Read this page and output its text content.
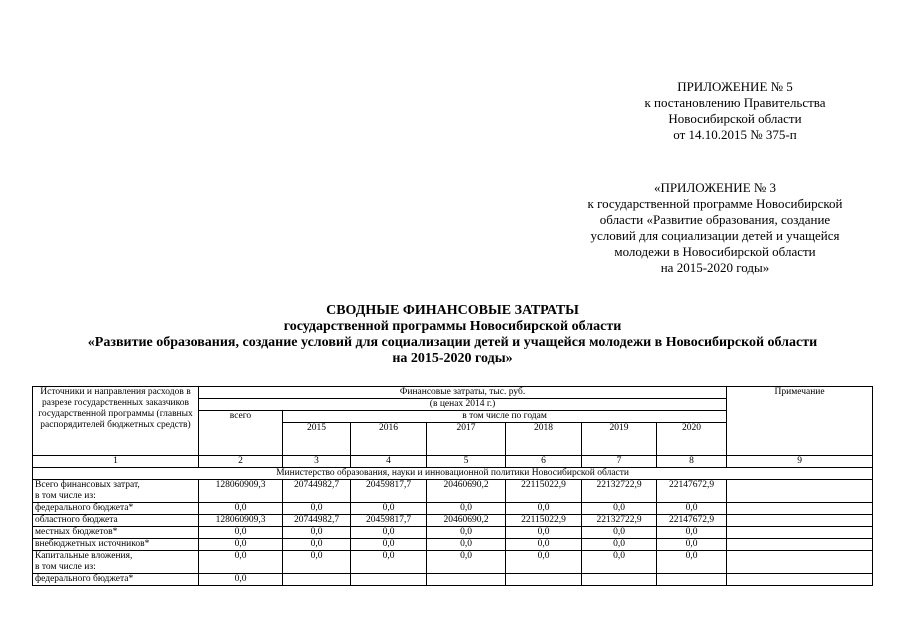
ПРИЛОЖЕНИЕ № 5
к постановлению Правительства
Новосибирской области
от 14.10.2015 № 375-п
«ПРИЛОЖЕНИЕ № 3
к государственной программе Новосибирской
области «Развитие образования, создание
условий для социализации детей и учащейся
молодежи в Новосибирской области
на 2015-2020 годы»
СВОДНЫЕ ФИНАНСОВЫЕ ЗАТРАТЫ
государственной программы Новосибирской области
«Развитие образования, создание условий для социализации детей и учащейся молодежи в Новосибирской области
на 2015-2020 годы»
Источники и направления расходов в разрезе государственных заказчиков государственной программы (главных распорядителей бюджетных средств)	Финансовые затраты, тыс. руб.							Примечание
	(в ценах 2014 г.)							
	всего	в том числе по годам						
		2015	2016	2017	2018	2019	2020	
1	2	3	4	5	6	7	8	9
Министерство образования, науки и инновационной политики Новосибирской области								
Всего финансовых затрат,
в том числе из:	128060909,3	20744982,7	20459817,7	20460690,2	22115022,9	22132722,9	22147672,9	
федерального бюджета*	0,0	0,0	0,0	0,0	0,0	0,0	0,0	
областного бюджета	128060909,3	20744982,7	20459817,7	20460690,2	22115022,9	22132722,9	22147672,9	
местных бюджетов*	0,0	0,0	0,0	0,0	0,0	0,0	0,0	
внебюджетных источников*	0,0	0,0	0,0	0,0	0,0	0,0	0,0	
Капитальные вложения,
в том числе из:	0,0	0,0	0,0	0,0	0,0	0,0	0,0	
федерального бюджета*	0,0							
